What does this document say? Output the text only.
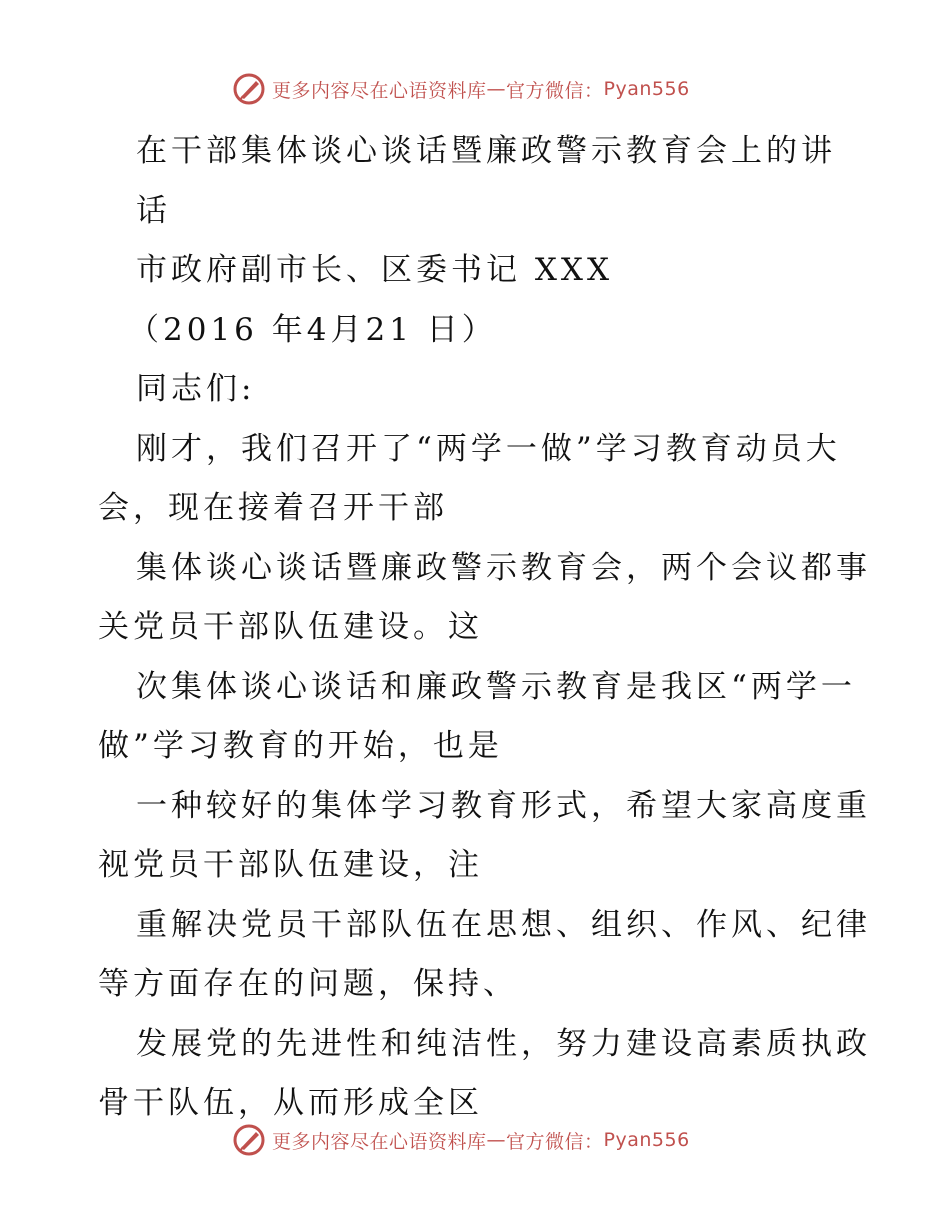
更多内容尽在心语资料库 — 官方微信： Pyan556
在干部集体谈心谈话暨廉政警示教育会上的讲
话
市政府副市长、区委书记 XXX
（2016 年4月21 日）
同志们:
刚才，我们召开了“两学一做”学习教育动员大
会，现在接着召开干部
集体谈心谈话暨廉政警示教育会，两个会议都事
关党员干部队伍建设。这
次集体谈心谈话和廉政警示教育是我区“两学一
做”学习教育的开始，也是
一种较好的集体学习教育形式，希望大家高度重
视党员干部队伍建设，注
重解决党员干部队伍在思想、组织、作风、纪律
等方面存在的问题，保持、
发展党的先进性和纯洁性，努力建设高素质执政
骨干队伍，从而形成全区
更多内容尽在心语资料库 — 官方微信： Pyan556
